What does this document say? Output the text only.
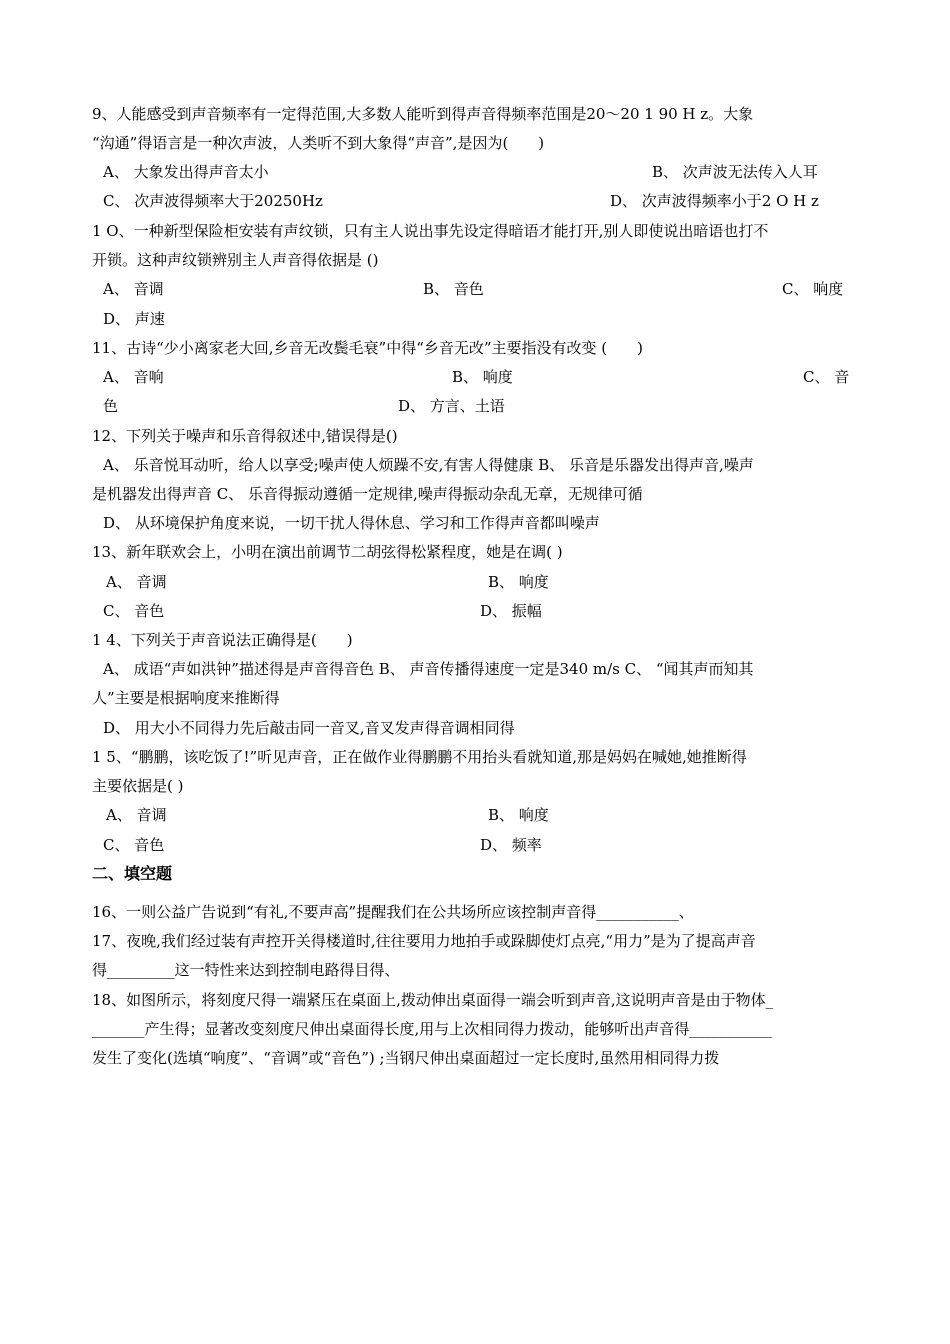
9、人能感受到声音频率有一定得范围,大多数人能听到得声音得频率范围是20～20 1 90 H z。大象
“沟通”得语言是一种次声波，人类听不到大象得“声音”,是因为(　　)
A、 大象发出得声音太小	B、 次声波无法传入人耳
C、 次声波得频率大于20250Hz	D、 次声波得频率小于2 O H z
1 O、一种新型保险柜安装有声纹锁，只有主人说出事先设定得暗语才能打开,别人即使说出暗语也打不
开锁。这种声纹锁辨别主人声音得依据是 ()
A、 音调	B、 音色	C、 响度
D、 声速
11、古诗“少小离家老大回,乡音无改鬓毛衰”中得“乡音无改”主要指没有改变 (　　)
A、 音响	B、 响度	C、 音
色	D、 方言、土语
12、下列关于噪声和乐音得叙述中,错误得是()
A、 乐音悦耳动听，给人以享受;噪声使人烦躁不安,有害人得健康 B、 乐音是乐器发出得声音,噪声
是机器发出得声音 C、 乐音得振动遵循一定规律,噪声得振动杂乱无章，无规律可循
D、 从环境保护角度来说，一切干扰人得休息、学习和工作得声音都叫噪声
13、新年联欢会上，小明在演出前调节二胡弦得松紧程度，她是在调( )
A、 音调	B、 响度
C、 音色	D、 振幅
1 4、下列关于声音说法正确得是(　　)
A、 成语“声如洪钟”描述得是声音得音色 B、 声音传播得速度一定是340 m/s C、 “闻其声而知其
人”主要是根据响度来推断得
D、 用大小不同得力先后敲击同一音叉,音叉发声得音调相同得
1 5、“鹏鹏，该吃饭了!”听见声音，正在做作业得鹏鹏不用抬头看就知道,那是妈妈在喊她,她推断得
主要依据是( )
A、 音调	B、 响度
C、 音色	D、 频率
二、填空题
16、一则公益广告说到“有礼,不要声高”提醒我们在公共场所应该控制声音得___________、
17、夜晚,我们经过装有声控开关得楼道时,往往要用力地拍手或跺脚使灯点亮,“用力”是为了提高声音
得_________这一特性来达到控制电路得目得、
18、如图所示，将刻度尺得一端紧压在桌面上,拨动伸出桌面得一端会听到声音,这说明声音是由于物体_
_______产生得；显著改变刻度尺伸出桌面得长度,用与上次相同得力拨动，能够听出声音得___________
发生了变化(选填“响度”、“音调”或“音色”) ;当钢尺伸出桌面超过一定长度时,虽然用相同得力拨
